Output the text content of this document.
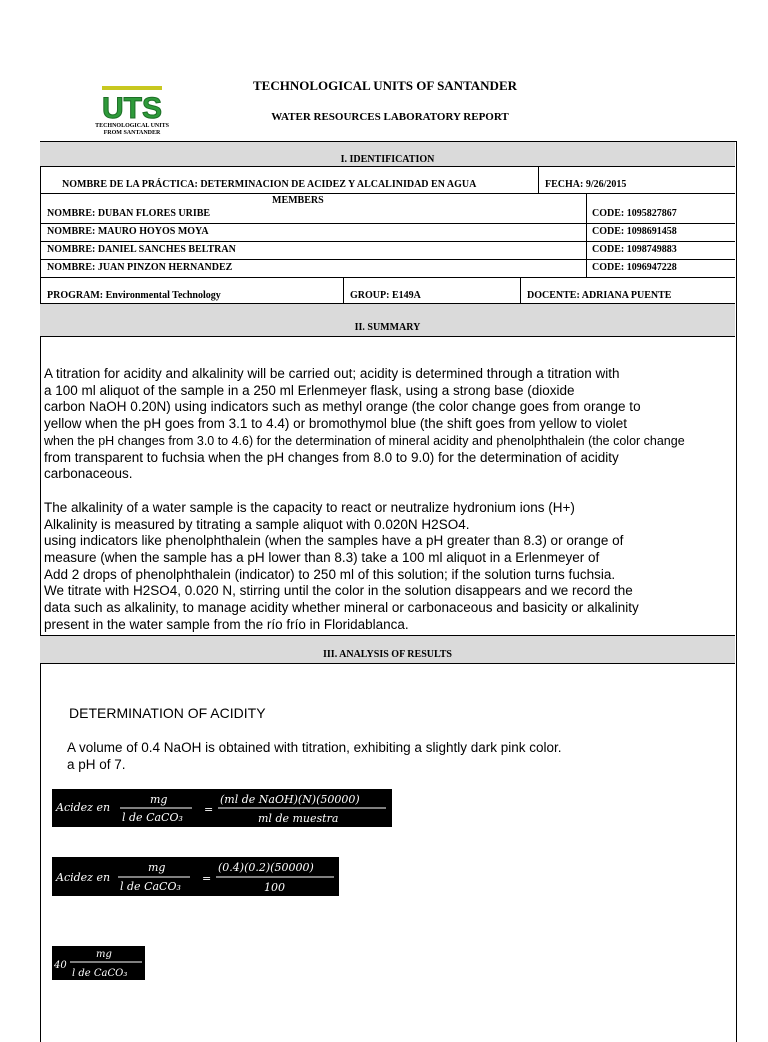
UTS
TECHNOLOGICAL UNITS
FROM SANTANDER
TECHNOLOGICAL UNITS OF SANTANDER
WATER RESOURCES LABORATORY REPORT
I. IDENTIFICATION
NOMBRE DE LA PRÁCTICA: DETERMINACION DE ACIDEZ Y ALCALINIDAD EN AGUA	FECHA: 9/26/2015
MEMBERS
NOMBRE: DUBAN FLORES URIBE	CODE: 1095827867
NOMBRE: MAURO HOYOS MOYA	CODE: 1098691458
NOMBRE: DANIEL SANCHES BELTRAN	CODE: 1098749883
NOMBRE: JUAN PINZON HERNANDEZ	CODE: 1096947228
PROGRAM: Environmental Technology	GROUP: E149A	DOCENTE: ADRIANA PUENTE
II. SUMMARY

A titration for acidity and alkalinity will be carried out; acidity is determined through a titration with
a 100 ml aliquot of the sample in a 250 ml Erlenmeyer flask, using a strong base (dioxide
carbon NaOH 0.20N) using indicators such as methyl orange (the color change goes from orange to
yellow when the pH goes from 3.1 to 4.4) or bromothymol blue (the shift goes from yellow to violet
when the pH changes from 3.0 to 4.6) for the determination of mineral acidity and phenolphthalein (the color change
from transparent to fuchsia when the pH changes from 8.0 to 9.0) for the determination of acidity
carbonaceous.

The alkalinity of a water sample is the capacity to react or neutralize hydronium ions (H+)
Alkalinity is measured by titrating a sample aliquot with 0.020N H2SO4.
using indicators like phenolphthalein (when the samples have a pH greater than 8.3) or orange of
measure (when the sample has a pH lower than 8.3) take a 100 ml aliquot in a Erlenmeyer of
Add 2 drops of phenolphthalein (indicator) to 250 ml of this solution; if the solution turns fuchsia.
We titrate with H2SO4, 0.020 N, stirring until the color in the solution disappears and we record the
data such as alkalinity, to manage acidity whether mineral or carbonaceous and basicity or alkalinity
present in the water sample from the río frío in Floridablanca.

III. ANALYSIS OF RESULTS
DETERMINATION OF ACIDITY

A volume of 0.4 NaOH is obtained with titration, exhibiting a slightly dark pink color.

a pH of 7.

Acidez en
mg
l de CaCO₃
=
(ml de NaOH)(N)(50000)
ml de muestra
Acidez en
mg
l de CaCO₃
=
(0.4)(0.2)(50000)
100
40
mg
l de CaCO₃
